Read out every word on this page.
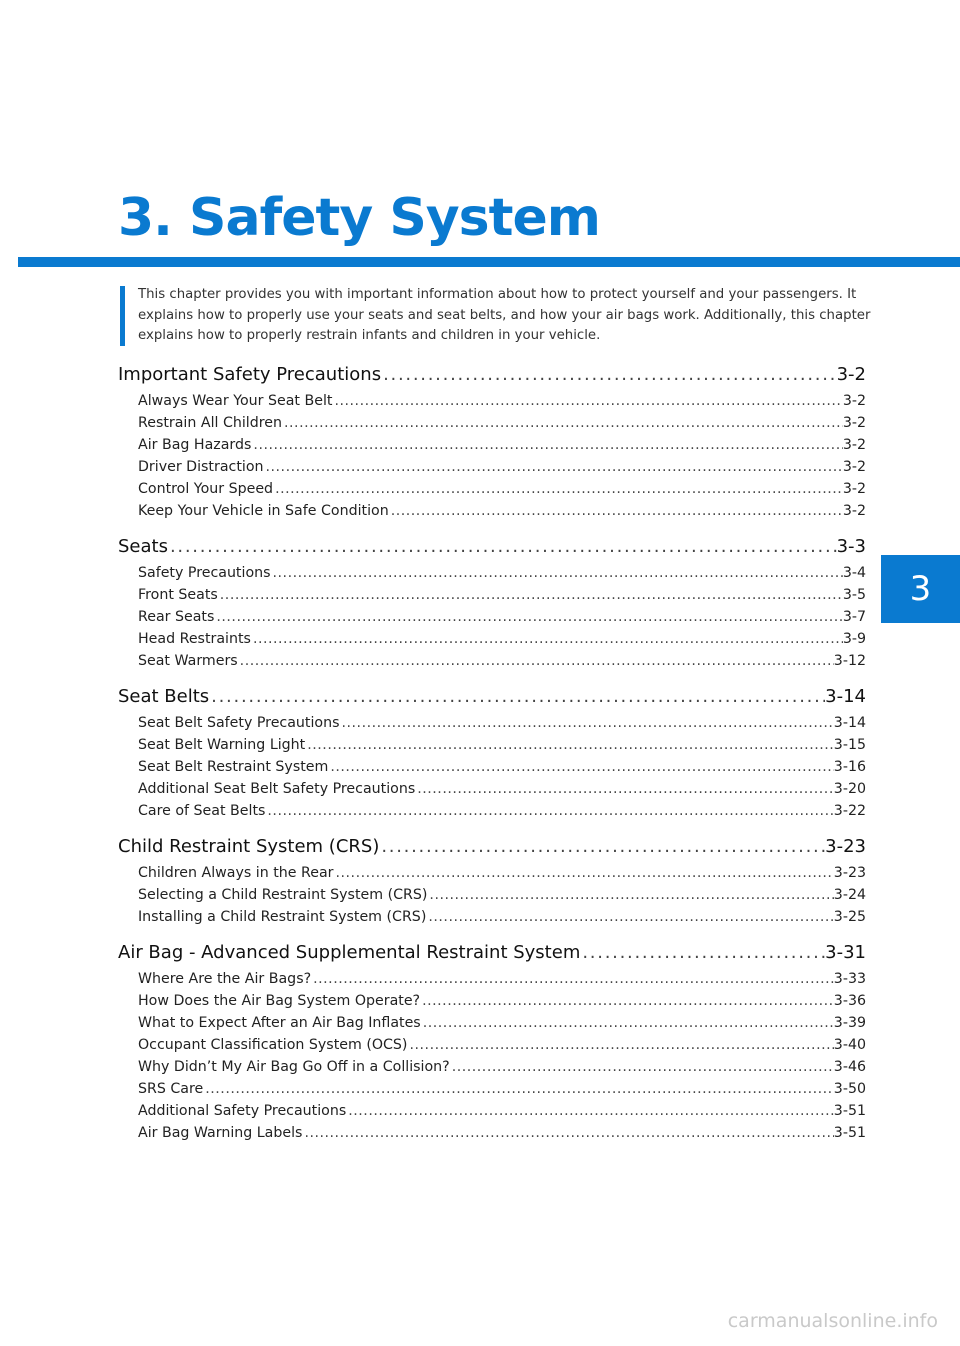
3. Safety System
This chapter provides you with important information about how to protect yourself and your passengers. It explains how to properly use your seats and seat belts, and how your air bags work. Additionally, this chapter explains how to properly restrain infants and children in your vehicle.
3
Important Safety Precautions . . .	3-2
Always Wear Your Seat Belt . . .	3-2
Restrain All Children . . .	3-2
Air Bag Hazards . . .	3-2
Driver Distraction . . .	3-2
Control Your Speed . . .	3-2
Keep Your Vehicle in Safe Condition . . .	3-2
Seats . . .	3-3
Safety Precautions . . .	3-4
Front Seats . . .	3-5
Rear Seats . . .	3-7
Head Restraints . . .	3-9
Seat Warmers . . .	3-12
Seat Belts . . .	3-14
Seat Belt Safety Precautions . . .	3-14
Seat Belt Warning Light . . .	3-15
Seat Belt Restraint System . . .	3-16
Additional Seat Belt Safety Precautions . . .	3-20
Care of Seat Belts . . .	3-22
Child Restraint System (CRS) . . .	3-23
Children Always in the Rear . . .	3-23
Selecting a Child Restraint System (CRS) . . .	3-24
Installing a Child Restraint System (CRS) . . .	3-25
Air Bag - Advanced Supplemental Restraint System . . .	3-31
Where Are the Air Bags? . . .	3-33
How Does the Air Bag System Operate? . . .	3-36
What to Expect After an Air Bag Inflates . . .	3-39
Occupant Classification System (OCS) . . .	3-40
Why Didn’t My Air Bag Go Off in a Collision? . . .	3-46
SRS Care . . .	3-50
Additional Safety Precautions . . .	3-51
Air Bag Warning Labels . . .	3-51
carmanualsonline.info
